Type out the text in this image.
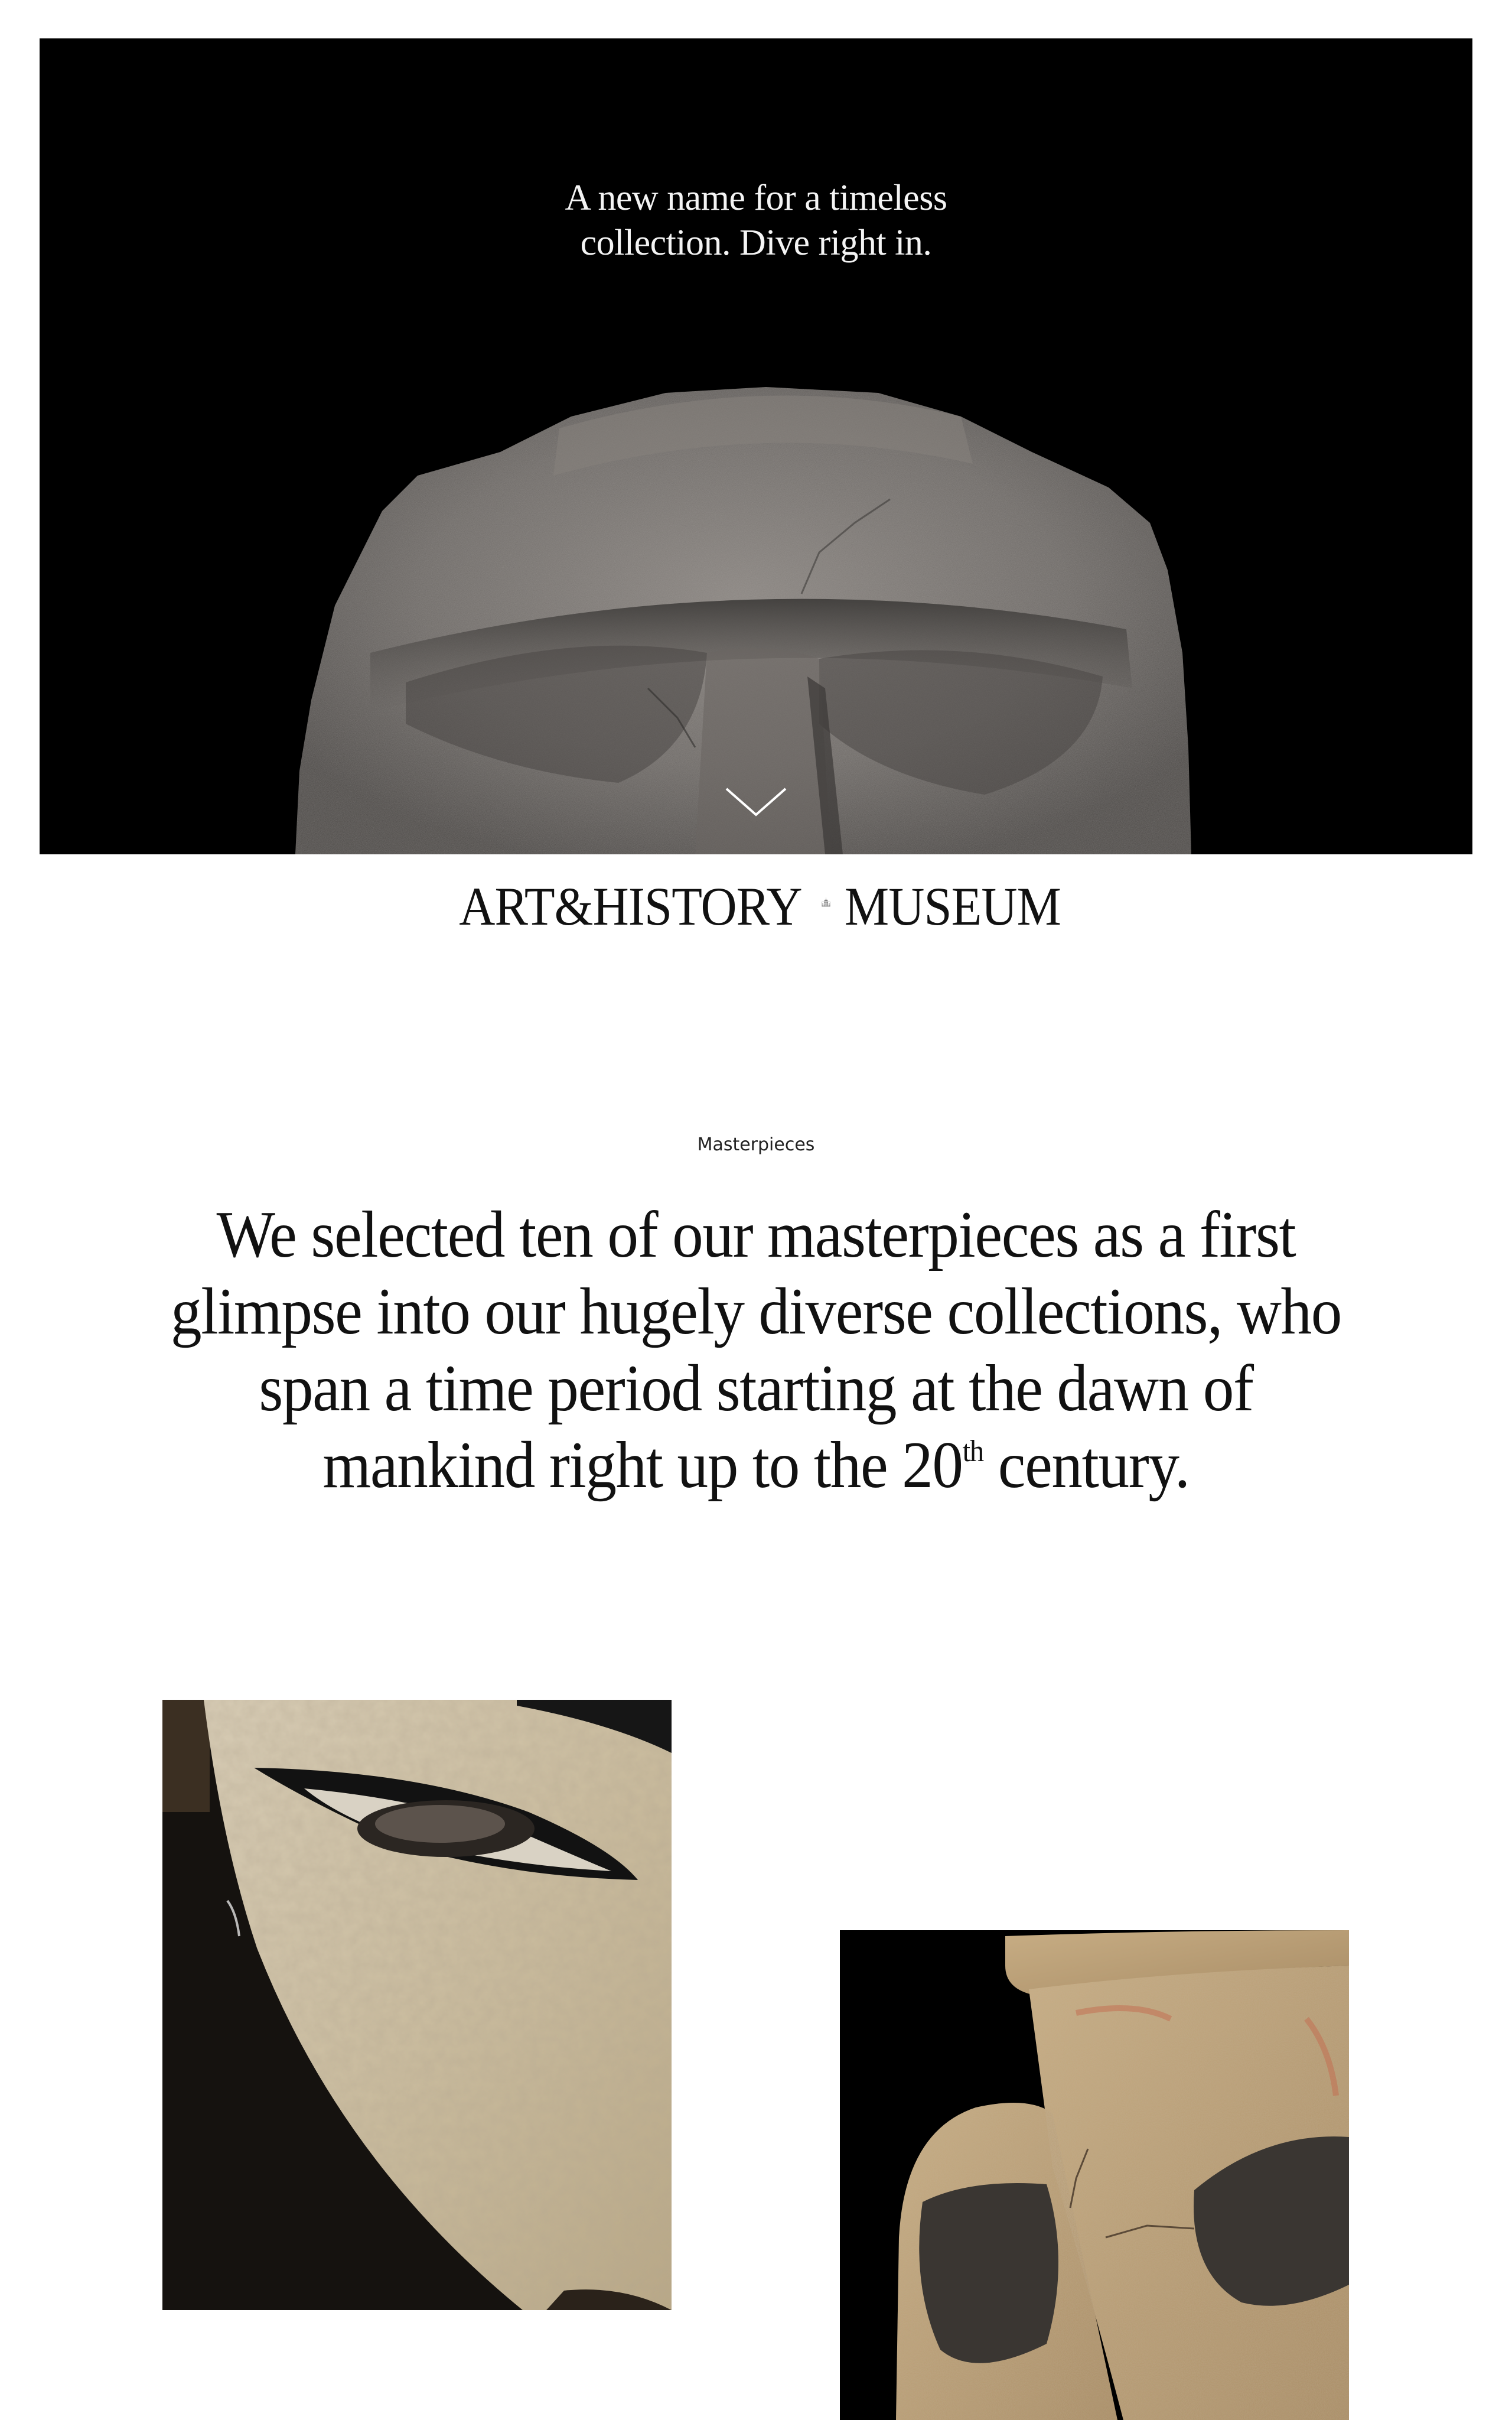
A new name for a timeless
collection. Dive right in.
ART&HISTORY MUSEUM
Masterpieces
We selected ten of our masterpieces as a first
glimpse into our hugely diverse collections, who
span a time period starting at the dawn of
mankind right up to the 20th century.
